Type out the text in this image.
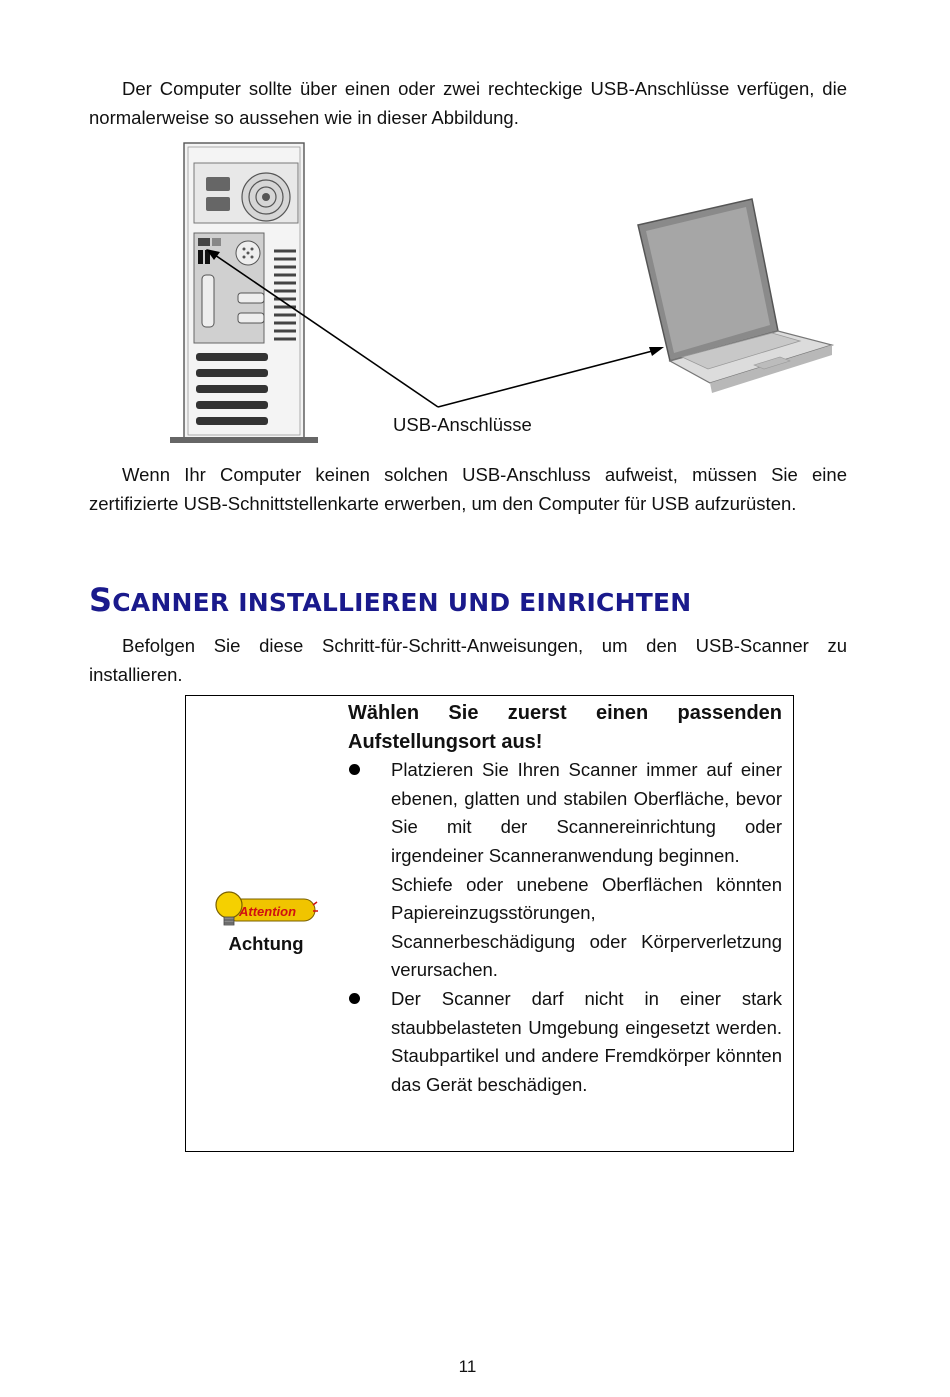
Der Computer sollte über einen oder zwei rechteckige USB-Anschlüsse verfügen, die normalerweise so aussehen wie in dieser Abbildung.

USB-Anschlüsse

Wenn Ihr Computer keinen solchen USB-Anschluss aufweist, müssen Sie eine zertifizierte USB-Schnittstellenkarte erwerben, um den Computer für USB aufzurüsten.

SCANNER INSTALLIEREN UND EINRICHTEN

Befolgen Sie diese Schritt-für-Schritt-Anweisungen, um den USB-Scanner zu installieren.

Attention
Achtung
Wählen Sie zuerst einen passenden Aufstellungsort aus!

Platzieren Sie Ihren Scanner immer auf einer ebenen, glatten und stabilen Oberfläche, bevor Sie mit der Scannereinrichtung oder irgendeiner Scanneranwendung beginnen.

Schiefe oder unebene Oberflächen könnten Papiereinzugsstörungen, Scannerbeschädigung oder Körperverletzung verursachen.

Der Scanner darf nicht in einer stark staubbelasteten Umgebung eingesetzt werden. Staubpartikel und andere Fremdkörper könnten das Gerät beschädigen.

11
